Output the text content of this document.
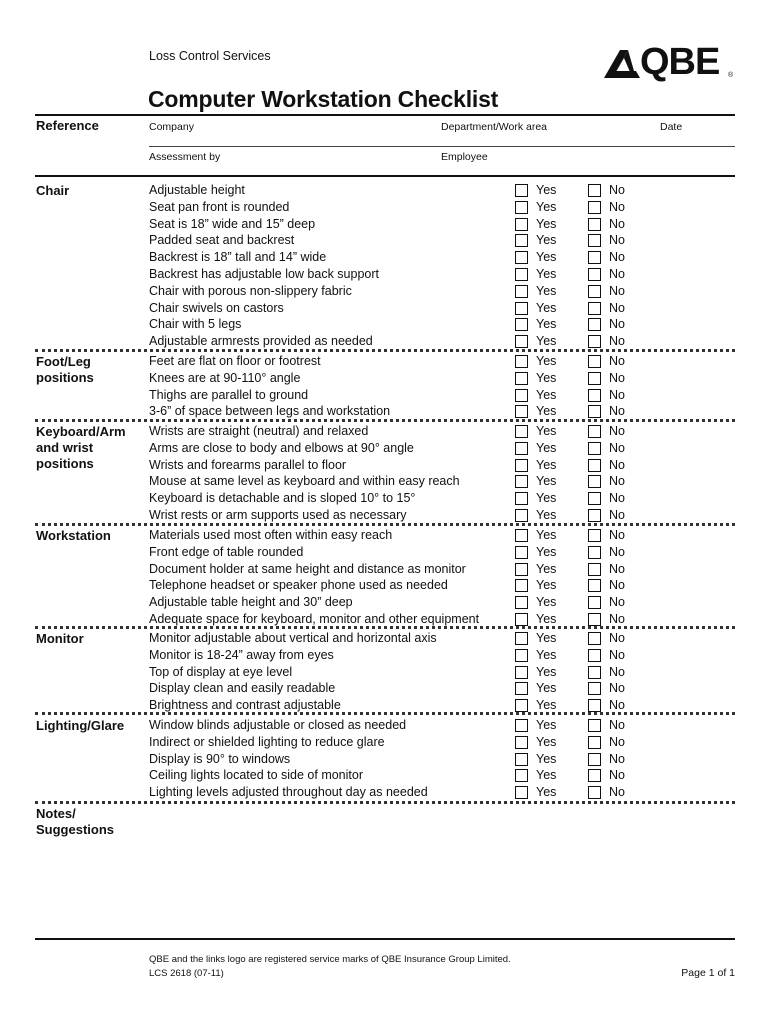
Loss Control Services	QBE ®
Computer Workstation Checklist
Reference	Company	Department/Work area	Date
Assessment by	Employee
Chair	Adjustable height	Yes	No
Seat pan front is rounded	Yes	No
Seat is 18” wide and 15” deep	Yes	No
Padded seat and backrest	Yes	No
Backrest is 18” tall and 14” wide	Yes	No
Backrest has adjustable low back support	Yes	No
Chair with porous non-slippery fabric	Yes	No
Chair swivels on castors	Yes	No
Chair with 5 legs	Yes	No
Adjustable armrests provided as needed	Yes	No
Foot/Leg positions
Feet are flat on floor or footrest	Yes	No
Knees are at 90-110° angle	Yes	No
Thighs are parallel to ground	Yes	No
3-6” of space between legs and workstation	Yes	No
Keyboard/Arm and wrist positions
Wrists are straight (neutral) and relaxed	Yes	No
Arms are close to body and elbows at 90° angle	Yes	No
Wrists and forearms parallel to floor	Yes	No
Mouse at same level as keyboard and within easy reach	Yes	No
Keyboard is detachable and is sloped 10° to 15°	Yes	No
Wrist rests or arm supports used as necessary	Yes	No
Workstation	Materials used most often within easy reach	Yes	No
Front edge of table rounded	Yes	No
Document holder at same height and distance as monitor	Yes	No
Telephone headset or speaker phone used as needed	Yes	No
Adjustable table height and 30” deep	Yes	No
Adequate space for keyboard, monitor and other equipment	Yes	No
Monitor	Monitor adjustable about vertical and horizontal axis	Yes	No
Monitor is 18-24” away from eyes	Yes	No
Top of display at eye level	Yes	No
Display clean and easily readable	Yes	No
Brightness and contrast adjustable	Yes	No
Lighting/Glare	Window blinds adjustable or closed as needed	Yes	No
Indirect or shielded lighting to reduce glare	Yes	No
Display is 90° to windows	Yes	No
Ceiling lights located to side of monitor	Yes	No
Lighting levels adjusted throughout day as needed	Yes	No
Notes/ Suggestions
QBE and the links logo are registered service marks of QBE Insurance Group Limited.
LCS 2618 (07-11)	Page 1 of 1
